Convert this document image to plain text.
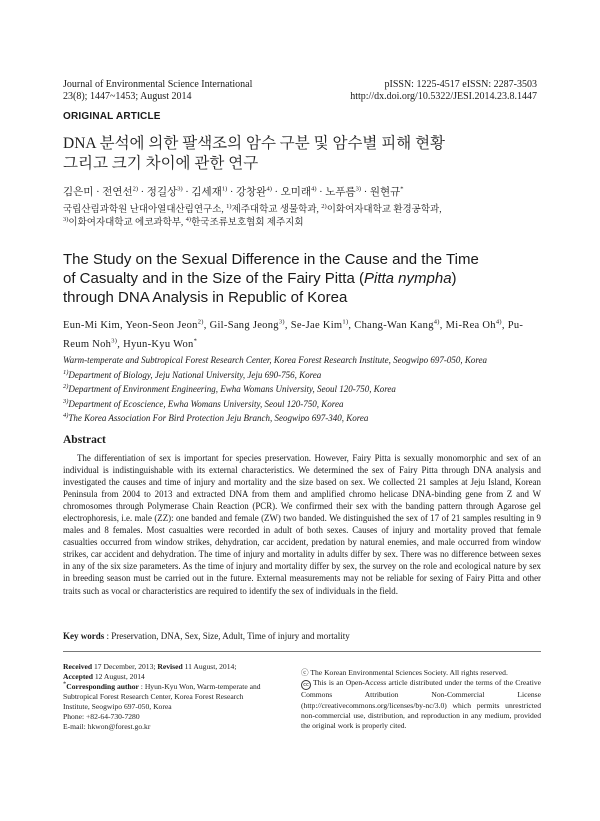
Journal of Environmental Science International
23(8); 1447~1453; August 2014
pISSN: 1225-4517 eISSN: 2287-3503
http://dx.doi.org/10.5322/JESI.2014.23.8.1447
ORIGINAL ARTICLE
DNA 분석에 의한 팔색조의 암수 구분 및 암수별 피해 현황
그리고 크기 차이에 관한 연구
김은미 · 전연선$^{2)}$ · 정길상$^{3)}$ · 김세재$^{1)}$ · 강창완$^{4)}$ · 오미래$^{4)}$ · 노푸름$^{3)}$ · 원현규*
국립산림과학원 난대아열대산림연구소, $^{1)}$제주대학교 생물학과, $^{2)}$이화여자대학교 환경공학과,
$^{3)}$이화여자대학교 에코과학부, $^{4)}$한국조류보호협회 제주지회
The Study on the Sexual Difference in the Cause and the Time
of Casualty and in the Size of the Fairy Pitta (Pitta nympha)
through DNA Analysis in Republic of Korea
Eun-Mi Kim, Yeon-Seon Jeon$^{2)}$, Gil-Sang Jeong$^{3)}$, Se-Jae Kim$^{1)}$, Chang-Wan Kang$^{4)}$, Mi-Rea Oh$^{4)}$, Pu-Reum Noh$^{3)}$, Hyun-Kyu Won*
Warm-temperate and Subtropical Forest Research Center, Korea Forest Research Institute, Seogwipo 697-050, Korea
$^{1)}$Department of Biology, Jeju National University, Jeju 690-756, Korea
$^{2)}$Department of Environment Engineering, Ewha Womans University, Seoul 120-750, Korea
$^{3)}$Department of Ecoscience, Ewha Womans University, Seoul 120-750, Korea
$^{4)}$The Korea Association For Bird Protection Jeju Branch, Seogwipo 697-340, Korea
Abstract
The differentiation of sex is important for species preservation. However, Fairy Pitta is sexually monomorphic and sex of an individual is indistinguishable with its external characteristics. We determined the sex of Fairy Pitta through DNA analysis and investigated the causes and time of injury and mortality and the size based on sex. We collected 21 samples at Jeju Island, Korean Peninsula from 2004 to 2013 and extracted DNA from them and amplified chromo helicase DNA-binding gene from Z and W chromosomes through Polymerase Chain Reaction (PCR). We confirmed their sex with the banding pattern through Agarose gel electrophoresis, i.e. male (ZZ): one banded and female (ZW) two banded. We distinguished the sex of 17 of 21 samples resulting in 9 males and 8 females. Most casualties were recorded in adult of both sexes. Causes of injury and mortality proved that female casualties occurred from window strikes, dehydration, car accident, predation by natural enemies, and male occurred from window strikes, car accident and dehydration. The time of injury and mortality in adults differ by sex. There was no difference between sexes in any of the six size parameters. As the time of injury and mortality differ by sex, the survey on the role and ecological nature by sex in breeding season must be carried out in the future. External measurements may not be reliable for sexing of Fairy Pitta and other traits such as vocal or characteristics are required to identify the sex of individuals in the field.
Key words : Preservation, DNA, Sex, Size, Adult, Time of injury and mortality
Received 17 December, 2013; Revised 11 August, 2014;
Accepted 12 August, 2014
*Corresponding author : Hyun-Kyu Won, Warm-temperate and Subtropical Forest Research Center, Korea Forest Research Institute, Seogwipo 697-050, Korea
Phone: +82-64-730-7280
E-mail: hkwon@forest.go.kr
ⓒ The Korean Environmental Sciences Society. All rights reserved.
cc This is an Open-Access article distributed under the terms of the Creative Commons Attribution Non-Commercial License (http://creativecommons.org/licenses/by-nc/3.0) which permits unrestricted non-commercial use, distribution, and reproduction in any medium, provided the original work is properly cited.
